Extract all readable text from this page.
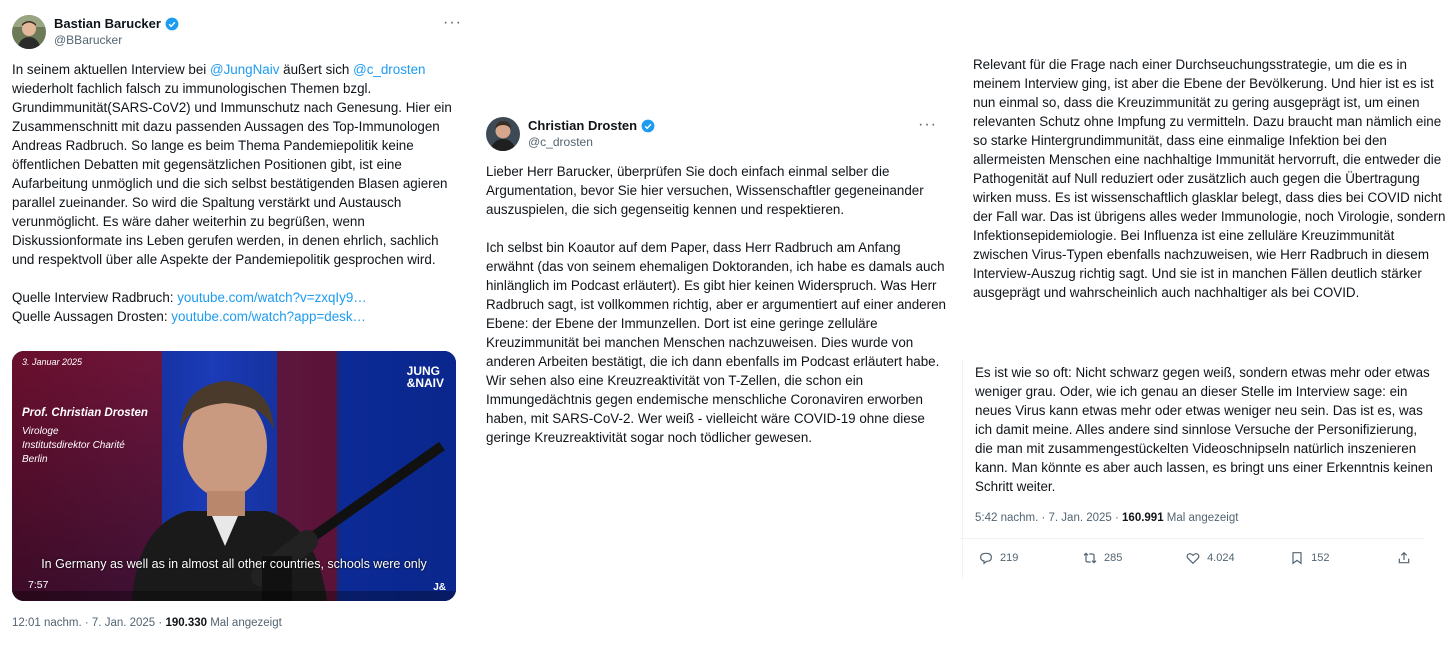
Bastian Barucker
@BBarucker
···

In seinem aktuellen Interview bei @JungNaiv äußert sich @c_drosten wiederholt fachlich falsch zu immunologischen Themen bzgl. Grundimmunität(SARS-CoV2) und Immunschutz nach Genesung. Hier ein Zusammenschnitt mit dazu passenden Aussagen des Top-Immunologen Andreas Radbruch. So lange es beim Thema Pandemiepolitik keine öffentlichen Debatten mit gegensätzlichen Positionen gibt, ist eine Aufarbeitung unmöglich und die sich selbst bestätigenden Blasen agieren parallel zueinander. So wird die Spaltung verstärkt und Austausch verunmöglicht. Es wäre daher weiterhin zu begrüßen, wenn Diskussionformate ins Leben gerufen werden, in denen ehrlich, sachlich und respektvoll über alle Aspekte der Pandemiepolitik gesprochen wird.

Quelle Interview Radbruch: youtube.com/watch?v=zxqIy9…

Quelle Aussagen Drosten: youtube.com/watch?app=desk…

3. Januar 2025
JUNG
&NAIV
Prof. Christian Drosten
Virologe
Institutsdirektor Charité
Berlin
In Germany as well as in almost all other countries, schools were only
7:57	J&
12:01 nachm. · 7. Jan. 2025 · 190.330 Mal angezeigt
Christian Drosten
@c_drosten
···

Lieber Herr Barucker, überprüfen Sie doch einfach einmal selber die Argumentation, bevor Sie hier versuchen, Wissenschaftler gegeneinander auszuspielen, die sich gegenseitig kennen und respektieren.

Ich selbst bin Koautor auf dem Paper, dass Herr Radbruch am Anfang erwähnt (das von seinem ehemaligen Doktoranden, ich habe es damals auch hinlänglich im Podcast erläutert). Es gibt hier keinen Widerspruch. Was Herr Radbruch sagt, ist vollkommen richtig, aber er argumentiert auf einer anderen Ebene: der Ebene der Immunzellen. Dort ist eine geringe zelluläre Kreuzimmunität bei manchen Menschen nachzuweisen. Dies wurde von anderen Arbeiten bestätigt, die ich dann ebenfalls im Podcast erläutert habe. Wir sehen also eine Kreuzreaktivität von T-Zellen, die schon ein Immungedächtnis gegen endemische menschliche Coronaviren erworben haben, mit SARS-CoV-2. Wer weiß - vielleicht wäre COVID-19 ohne diese geringe Kreuzreaktivität sogar noch tödlicher gewesen.

Relevant für die Frage nach einer Durchseuchungsstrategie, um die es in meinem Interview ging, ist aber die Ebene der Bevölkerung. Und hier ist es ist nun einmal so, dass die Kreuzimmunität zu gering ausgeprägt ist, um einen relevanten Schutz ohne Impfung zu vermitteln. Dazu braucht man nämlich eine so starke Hintergrundimmunität, dass eine einmalige Infektion bei den allermeisten Menschen eine nachhaltige Immunität hervorruft, die entweder die Pathogenität auf Null reduziert oder zusätzlich auch gegen die Übertragung wirken muss. Es ist wissenschaftlich glasklar belegt, dass dies bei COVID nicht der Fall war. Das ist übrigens alles weder Immunologie, noch Virologie, sondern Infektionsepidemiologie. Bei Influenza ist eine zelluläre Kreuzimmunität zwischen Virus-Typen ebenfalls nachzuweisen, wie Herr Radbruch in diesem Interview-Auszug richtig sagt. Und sie ist in manchen Fällen deutlich stärker ausgeprägt und wahrscheinlich auch nachhaltiger als bei COVID.

Es ist wie so oft: Nicht schwarz gegen weiß, sondern etwas mehr oder etwas weniger grau. Oder, wie ich genau an dieser Stelle im Interview sage: ein neues Virus kann etwas mehr oder etwas weniger neu sein. Das ist es, was ich damit meine. Alles andere sind sinnlose Versuche der Personifizierung, die man mit zusammengestückelten Videoschnipseln natürlich inszenieren kann. Man könnte es aber auch lassen, es bringt uns einer Erkenntnis keinen Schritt weiter.

5:42 nachm. · 7. Jan. 2025 · 160.991 Mal angezeigt
219	285	4.024	152
